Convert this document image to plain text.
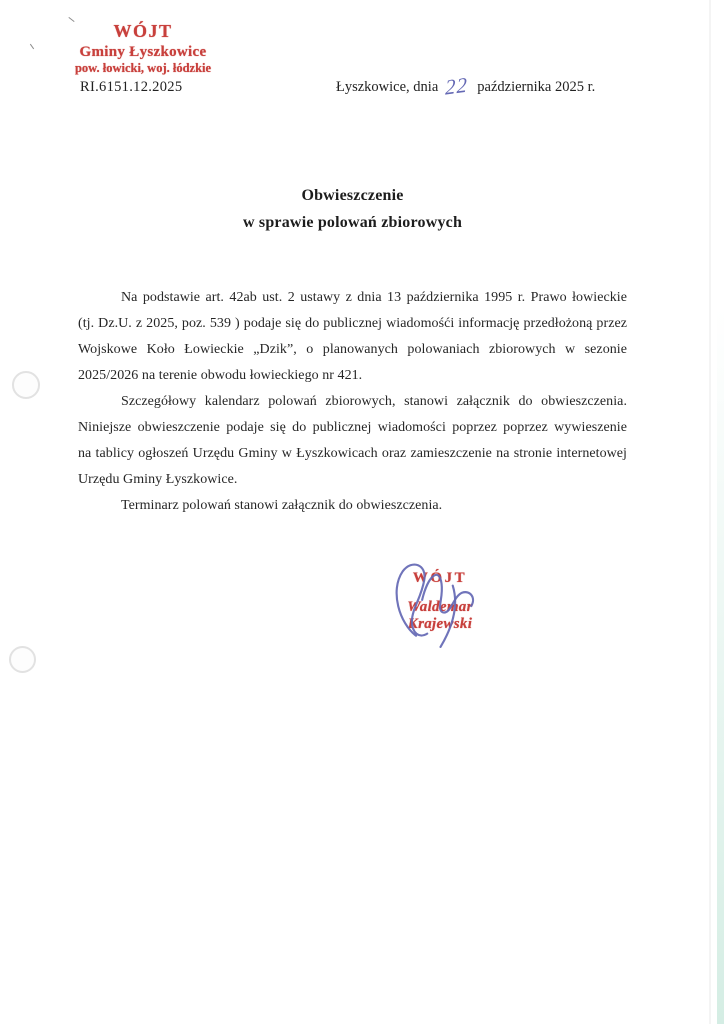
WÓJT
Gminy Łyszkowice
pow. łowicki, woj. łódzkie
RI.6151.12.2025	Łyszkowice, dnia 22 października 2025 r.
Obwieszczenie
w sprawie polowań zbiorowych
Na podstawie art. 42ab ust. 2 ustawy z dnia 13 października 1995 r. Prawo łowieckie
(tj. Dz.U. z 2025, poz. 539 ) podaje się do publicznej wiadomośći informację przedłożoną przez
Wojskowe Koło Łowieckie „Dzik”, o planowanych polowaniach zbiorowych w sezonie
2025/2026 na terenie obwodu łowieckiego nr 421.
Szczegółowy kalendarz polowań zbiorowych, stanowi załącznik do obwieszczenia.
Niniejsze obwieszczenie podaje się do publicznej wiadomości poprzez poprzez wywieszenie
na tablicy ogłoszeń Urzędu Gminy w Łyszkowicach oraz zamieszczenie na stronie internetowej
Urzędu Gminy Łyszkowice.
Terminarz polowań stanowi załącznik do obwieszczenia.
WÓJT
Waldemar Krajewski
